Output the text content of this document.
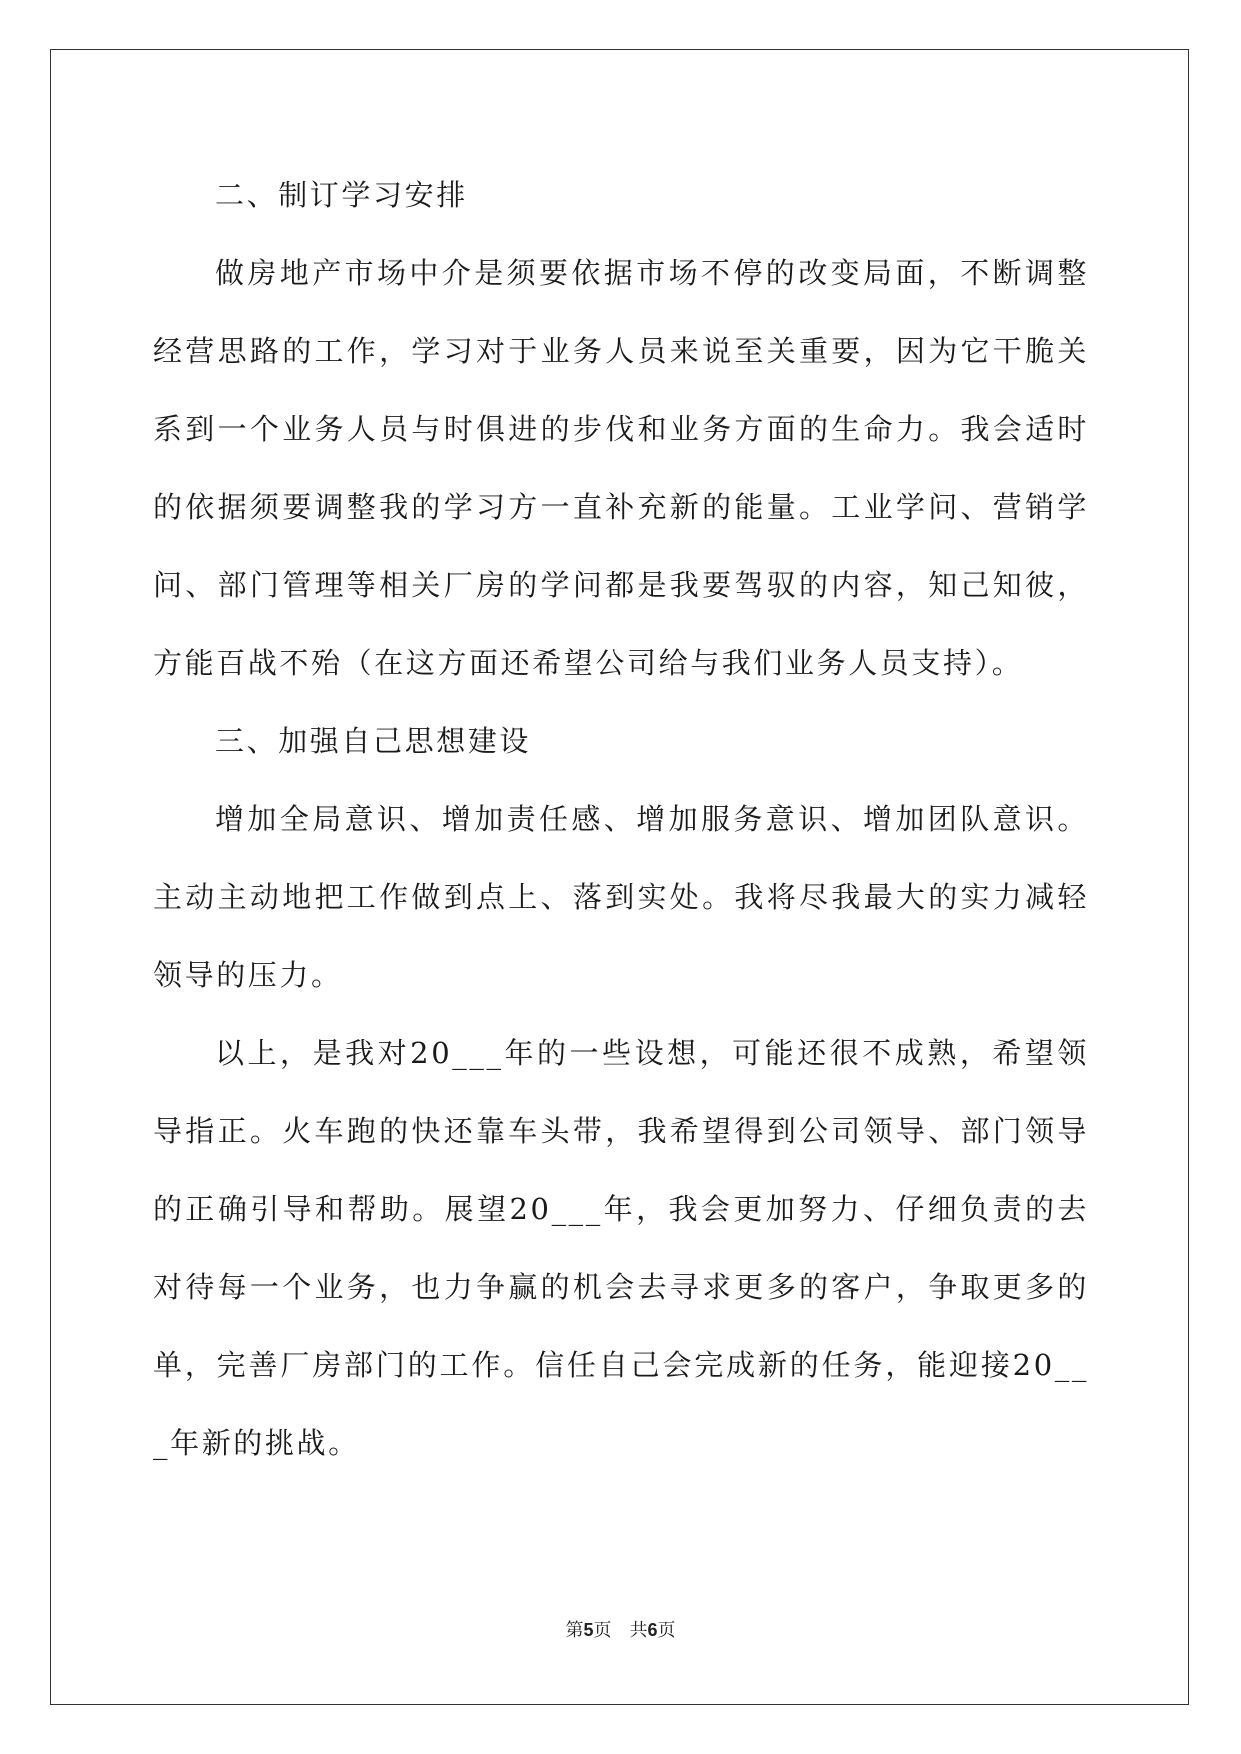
二、制订学习安排

做房地产市场中介是须要依据市场不停的改变局面，不断调整经营思路的工作，学习对于业务人员来说至关重要，因为它干脆关系到一个业务人员与时俱进的步伐和业务方面的生命力。我会适时的依据须要调整我的学习方一直补充新的能量。工业学问、营销学问、部门管理等相关厂房的学问都是我要驾驭的内容，知己知彼，方能百战不殆（在这方面还希望公司给与我们业务人员支持）。

三、加强自己思想建设

增加全局意识、增加责任感、增加服务意识、增加团队意识。主动主动地把工作做到点上、落到实处。我将尽我最大的实力减轻领导的压力。

以上，是我对20___年的一些设想，可能还很不成熟，希望领导指正。火车跑的快还靠车头带，我希望得到公司领导、部门领导的正确引导和帮助。展望20___年，我会更加努力、仔细负责的去对待每一个业务，也力争赢的机会去寻求更多的客户，争取更多的单，完善厂房部门的工作。信任自己会完成新的任务，能迎接20___年新的挑战。

第5页 共6页
